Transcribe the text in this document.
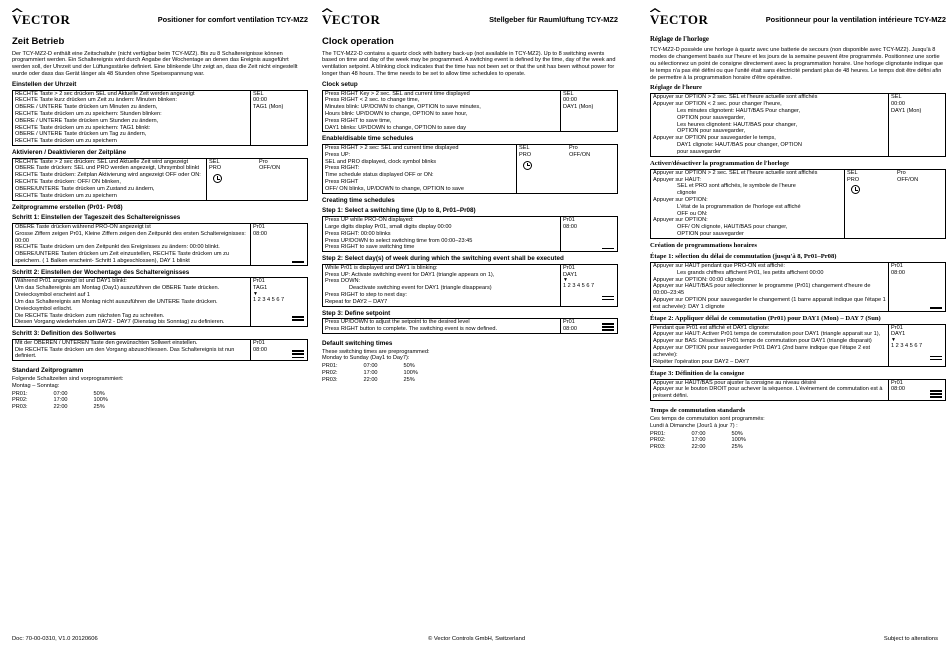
VECTOR	Positioner for comfort ventilation TCY-MZ2
Zeit Betrieb

Der TCY-MZ2-D enthält eine Zeitschaltuhr (nicht verfügbar beim TCY-MZ2). Bis zu 8 Schaltereignisse können programmiert werden. Ein Schaltereignis wird durch Angabe der Wochentage an denen das Ereignis ausgeführt werden soll, der Uhrzeit und der Lüftungsstärke definiert. Eine blinkende Uhr zeigt an, dass die Zeit nicht eingestellt wurde oder dass das Gerät länger als 48 Stunden ohne Speisespannung war.

Einstellen der Uhrzeit
RECHTE Taste > 2 sec drücken SEL und Aktuelle Zeit werden angezeigt
RECHTE Taste kurz drücken um Zeit zu ändern: Minuten blinken:
OBERE / UNTERE Taste drücken um Minuten zu ändern,
RECHTE Taste drücken um zu speichern: Stunden blinken:
OBERE / UNTERE Taste drücken um Stunden zu ändern,
RECHTE Taste drücken um zu speichern: TAG1 blinkt:
OBERE / UNTERE Taste drücken um Tag zu ändern,
RECHTE Taste drücken um zu speichern
SEL
00:00
TAG1 (Mon)
Aktivieren / Deaktivieren der Zeitpläne
RECHTE Taste > 2 sec drücken: SEL und Aktuelle Zeit wird angezeigt
OBERE Taste drücken: SEL und PRO werden angezeigt, Uhrsymbol blinkt
RECHTE Taste drücken: Zeitplan Aktivierung wird angezeigt OFF oder ON:
RECHTE Taste drücken: OFF/ ON blinken,
OBERE/UNTERE Taste drücken um Zustand zu ändern,
RECHTE Taste drücken um zu speichern
SEL
PRO
Pro
OFF/ON
Zeitprogramme erstellen (Pr01- Pr08)
Schritt 1: Einstellen der Tageszeit des Schaltereignisses
OBERE Taste drücken während PRO-ON angezeigt ist
Grosse Ziffern zeigen Pr01, Kleine Ziffern zeigen den Zeitpunkt des ersten Schaltereignisses: 00:00
RECHTE Taste drücken um den Zeitpunkt des Ereignisses zu ändern: 00:00 blinkt.
OBERE/UNTERE Tasten drücken um Zeit einzustellen, RECHTE Taste drücken um zu speichern. ( 1 Balken erscheint- Schritt 1 abgeschlossen), DAY 1 blinkt
Pr01
08:00
Schritt 2: Einstellen der Wochentage des Schaltereignisses
Während Pr01 angezeigt ist und DAY1 blinkt:
Um das Schaltereignis am Montag (Day1) auszuführen die OBERE Taste drücken. Dreiecksymbol erscheint auf 1
Um das Schaltereignis am Montag nicht auszuführen die UNTERE Taste drücken. Dreiecksymbol erlischt.
Die RECHTE Taste drücken zum nächsten Tag zu schreiten.
Diesen Vorgang wiederholen um DAY2 - DAY7 (Dienstag bis Sonntag) zu definieren.
Pr01
TAG1
▼
1 2 3 4 5 6 7
Schritt 3: Definition des Sollwertes
Mit der OBEREN / UNTEREN Taste den gewünschten Sollwert einstellen.
Die RECHTE Taste drücken um den Vorgang abzuschliessen. Das Schaltereignis ist nun definiert.
Pr01
08:00
Standard Zeitprogramm
Folgende Schaltzeiten sind vorprogrammiert:
Montag – Sonntag:
PR01:	07:00	50%
PR02:	17:00	100%
PR03:	22:00	25%
VECTOR	Stellgeber für Raumlüftung TCY-MZ2
Clock operation

The TCY-MZ2-D contains a quartz clock with battery back-up (not available in TCY-MZ2). Up to 8 switching events based on time and day of the week may be programmed. A switching event is defined by the time, day of the week and ventilation setpoint. A blinking clock indicates that the time has not been set or that the unit has been without power for longer than 48 hours. The time needs to be set to allow time schedules to operate.

Clock setup
Press RIGHT Key > 2 sec. SEL and current time displayed
Press RIGHT < 2 sec. to change time,
Minutes blink: UP/DOWN to change, OPTION to save minutes,
Hours blink: UP/DOWN to change, OPTION to save hour,
Press RIGHT to save time,
DAY1 blinks: UP/DOWN to change, OPTION to save day
SEL
00:00
DAY1 (Mon)
Enable/disable time schedules
Press RIGHT > 2 sec: SEL and current time displayed
Press UP:
SEL and PRO displayed, clock symbol blinks
Press RIGHT:
Time schedule status displayed OFF or ON:
Press RIGHT
OFF/ ON blinks, UP/DOWN to change, OPTION to save
SEL
PRO
Pro
OFF/ON
Creating time schedules
Step 1: Select a switching time (Up to 8, Pr01–Pr08)
Press UP while PRO-ON displayed:
Large digits display Pr01, small digits display 00:00
Press RIGHT: 00:00 blinks
Press UP/DOWN to select switching time from 00:00–23:45
Press RIGHT to save switching time
Pr01
08:00
Step 2: Select day(s) of week during which the switching event shall be executed
While Pr01 is displayed and DAY1 is blinking:
Press UP: Activate switching event for DAY1 (triangle appears on 1),
Press DOWN:
Deactivate switching event for DAY1 (triangle disappears)
Press RIGHT to step to next day:
Repeat for DAY2 – DAY7
Pr01
DAY1
▼
1 2 3 4 5 6 7
Step 3: Define setpoint
Press UP/DOWN to adjust the setpoint to the desired level
Press RIGHT button to complete. The switching event is now defined.
Pr01
08:00
Default switching times
These switching times are preprogrammed:
Monday to Sunday (Day1 to Day7):
PR01:	07:00	50%
PR02:	17:00	100%
PR03:	22:00	25%
VECTOR	Positionneur pour la ventilation intérieure TCY-MZ2
Réglage de l'horloge

TCY-MZ2-D possède une horloge à quartz avec une batterie de secours (non disponible avec TCY-MZ2). Jusqu'à 8 modes de changement basés sur l'heure et les jours de la semaine peuvent être programmés. Positionnez une sortie ou sélectionnez un point de consigne directement avec la programmation horaire. Une horloge clignotante indique que le temps n'a pas été défini ou que l'unité était sans électricité pendant plus de 48 heures. Le temps doit être défini afin de permettre à la programmation horaire d'être opérative.

Réglage de l'heure
Appuyer sur OPTION > 2 sec. SEL et l'heure actuelle sont affichés
Appuyer sur OPTION < 2 sec. pour changer l'heure,
Les minutes clignotent: HAUT/BAS Pour changer,
OPTION pour sauvegarder,
Les heures clignotent: HAUT/BAS pour changer,
OPTION pour sauvegarder,
Appuyer sur OPTION pour sauvegarder le temps,
DAY1 clignote: HAUT/BAS pour changer, OPTION
pour sauvegarder
SEL
00:00
DAY1 (Mon)
Activer/désactiver la programmation de l'horloge
Appuyer sur OPTION > 2 sec. SEL et l'heure actuelle sont affichés
Appuyer sur HAUT:
SEL et PRO sont affichés, le symbole de l'heure
clignote
Appuyer sur OPTION:
L'état de la programmation de l'horloge est affiché
OFF ou ON:
Appuyer sur OPTION:
OFF/ ON clignote, HAUT/BAS pour changer,
OPTION pour sauvegarder
SEL
PRO
Pro
OFF/ON
Création de programmations horaires
Étape 1: sélection du délai de commutation (jusqu'à 8, Pr01–Pr08)
Appuyer sur HAUT pendant que PRO-ON est affiché:
Les grands chiffres affichent Pr01, les petits affichent 00:00
Appuyer sur OPTION: 00:00 clignote
Appuyer sur HAUT/BAS pour sélectionner le programme (Pr01) changement d'heure de 00:00–23:45
Appuyer sur OPTION pour sauvegarder le changement (1 barre apparait indique que l'étape 1 est achevée): DAY 1 clignote
Pr01
08:00
Étape 2: Appliquer délai de commutation (Pr01) pour DAY1 (Mon) – DAY 7 (Sun)
Pendant que Pr01 est affiché et DAY1 clignote:
Appuyer sur HAUT: Activer Pr01 temps de commutation pour DAY1 (triangle apparait sur 1),
Appuyer sur BAS: Désactiver Pr01 temps de commutation pour DAY1 (triangle disparait)
Appuyer sur OPTION pour sauvegarder Pr01 DAY1 (2nd barre indique que l'étape 2 est achevée):
Répéter l'opération pour DAY2 – DAY7
Pr01
DAY1
▼
1 2 3 4 5 6 7
Étape 3: Définition de la consigne
Appuyer sur HAUT/BAS pour ajuster la consigne au niveau désiré
Appuyer sur le bouton DROIT pour achever la séquence. L'événement de commutation est à présent défini.
Pr01
08:00
Temps de commutation standards
Ces temps de commutation sont programmés:
Lundi à Dimanche (Jour1 à jour 7) :
PR01:	07:00	50%
PR02:	17:00	100%
PR03:	22:00	25%
Doc: 70-00-0310, V1.0 20120606	© Vector Controls GmbH, Switzerland	Subject to alterations
